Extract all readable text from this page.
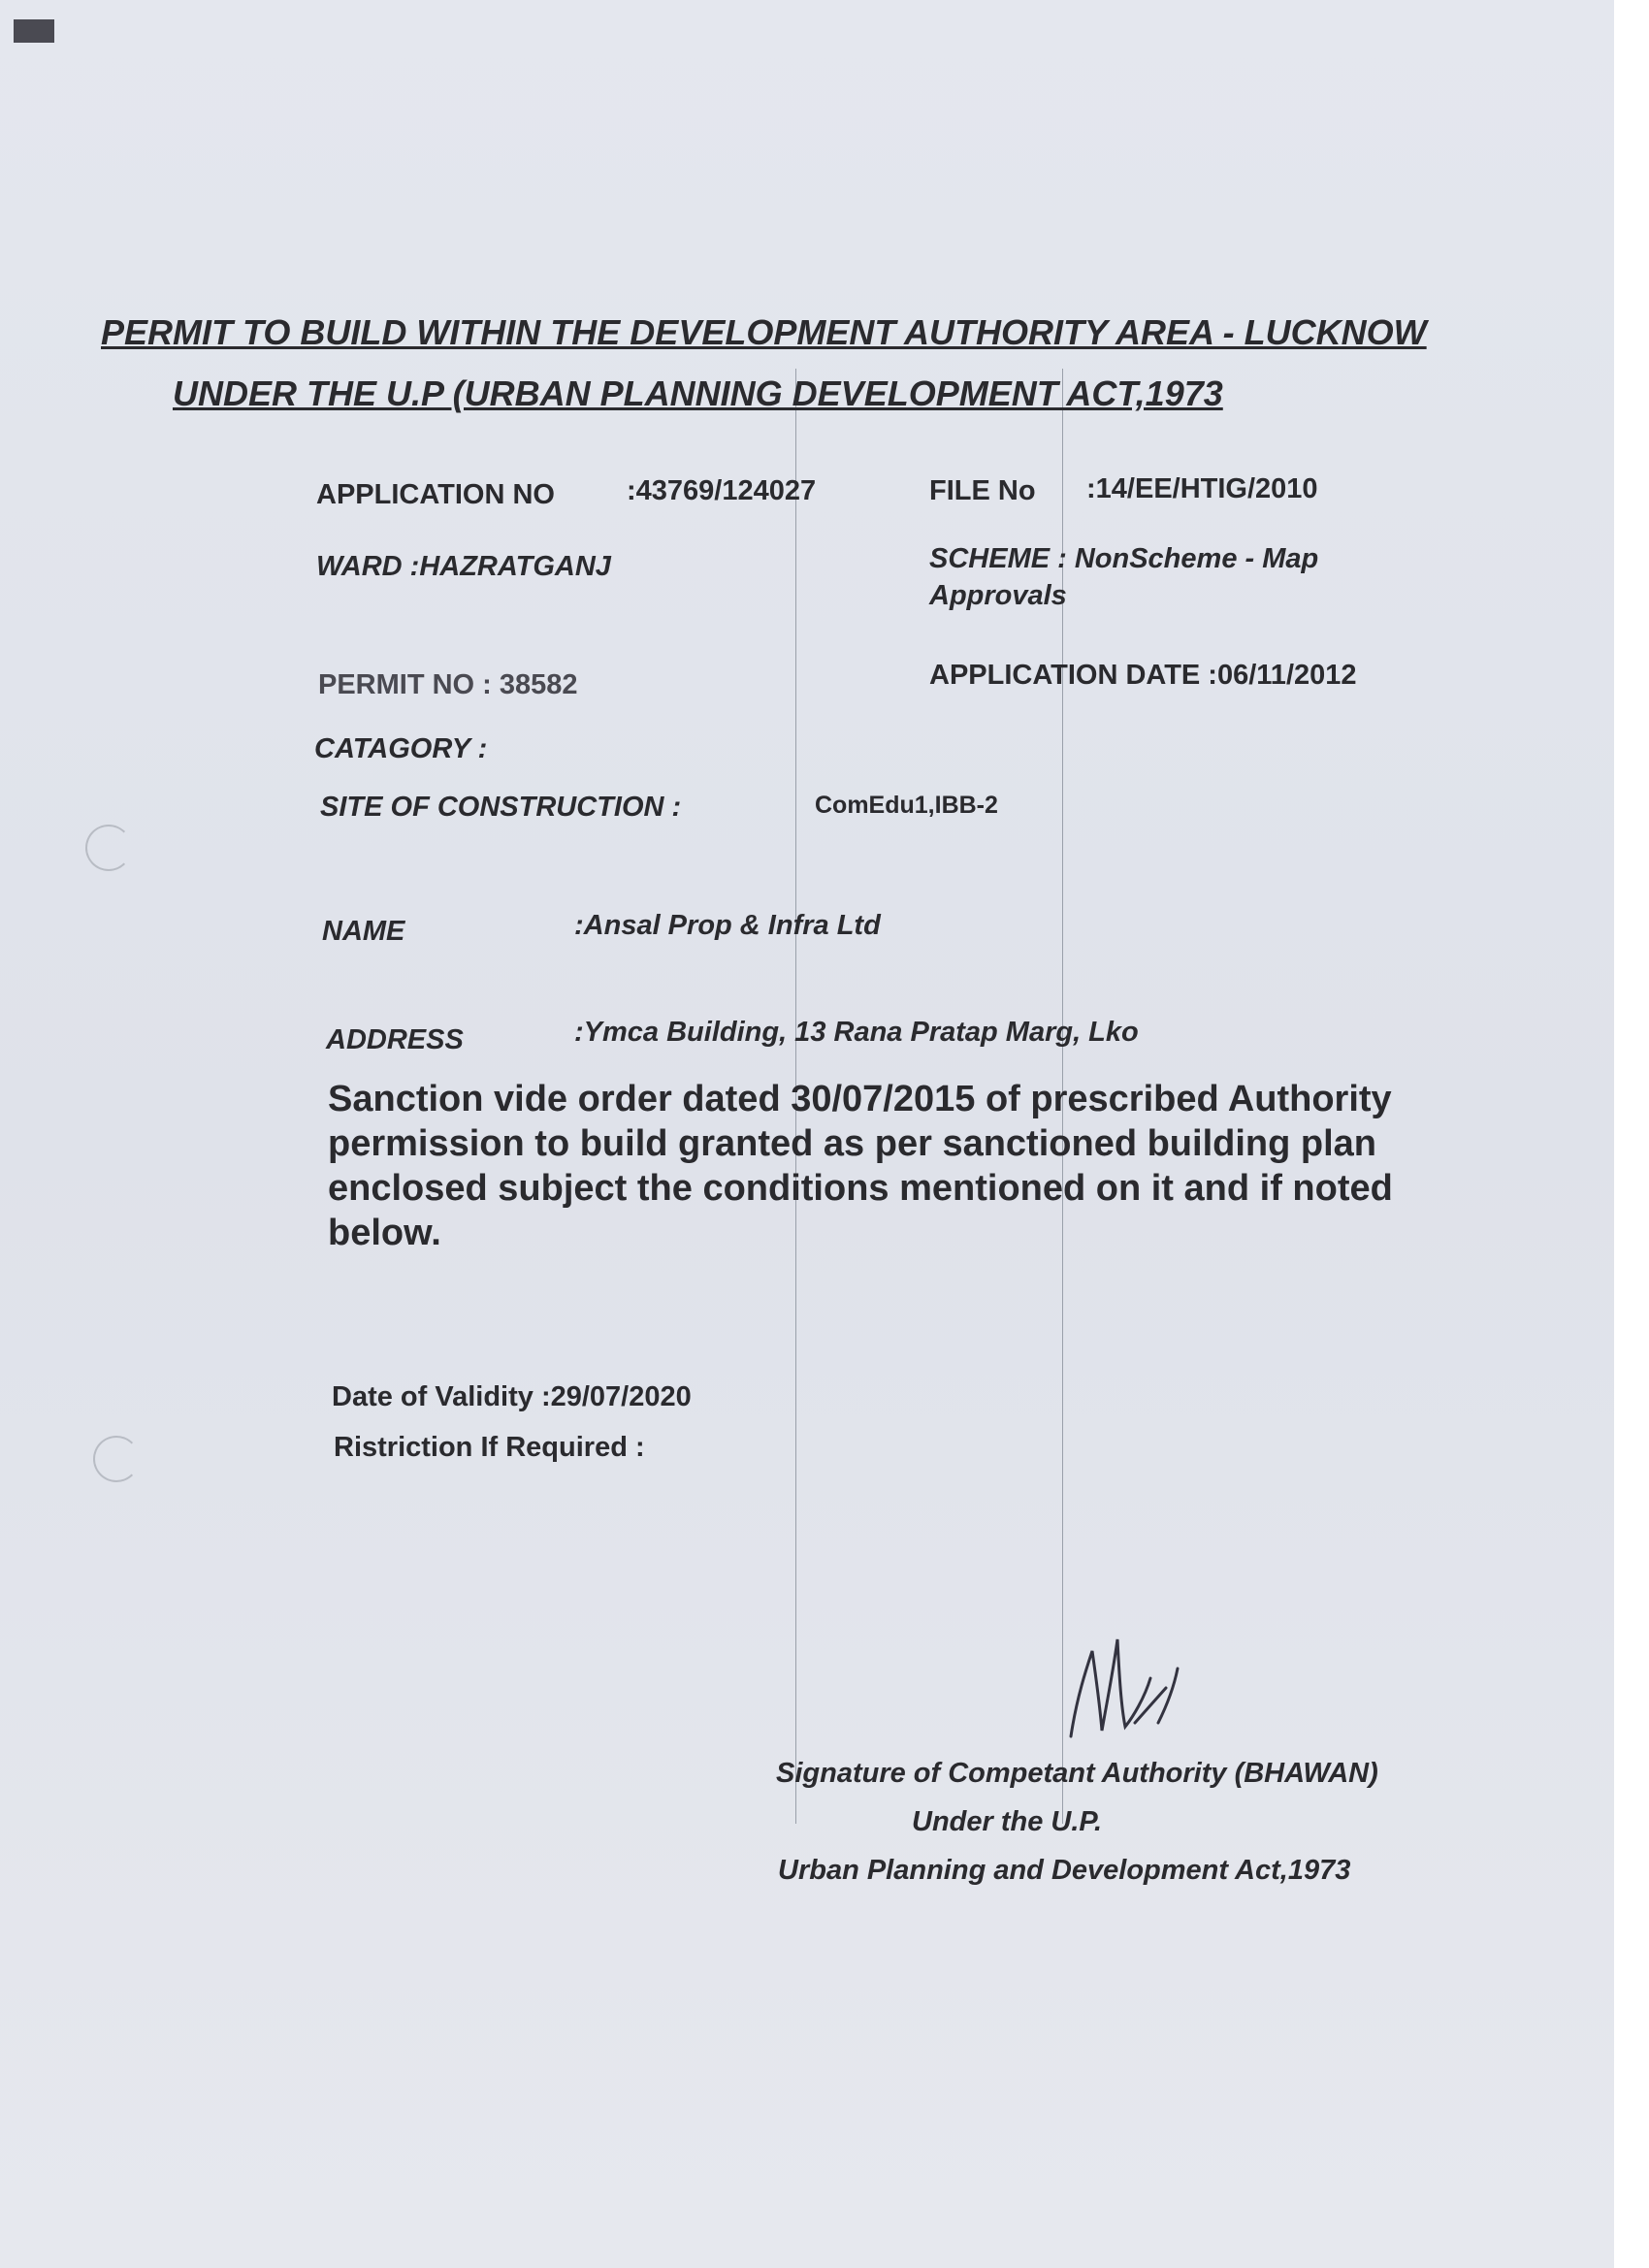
PERMIT TO BUILD WITHIN THE DEVELOPMENT AUTHORITY AREA - LUCKNOW
UNDER THE U.P (URBAN PLANNING DEVELOPMENT ACT,1973
APPLICATION NO	:43769/124027	FILE No :14/EE/HTIG/2010
WARD :HAZRATGANJ	SCHEME : NonScheme - Map
Approvals
PERMIT NO : 38582	APPLICATION DATE :06/11/2012
CATAGORY :
SITE OF CONSTRUCTION :	ComEdu1,IBB-2
NAME	:Ansal Prop & Infra Ltd
ADDRESS	:Ymca Building, 13 Rana Pratap Marg, Lko
Sanction vide order dated 30/07/2015 of prescribed Authority
permission to build granted as per sanctioned building plan
enclosed subject the conditions mentioned on it and if noted
below.
Date of Validity :29/07/2020
Ristriction If Required :
Signature of Competant Authority (BHAWAN)
Under the U.P.
Urban Planning and Development Act,1973
